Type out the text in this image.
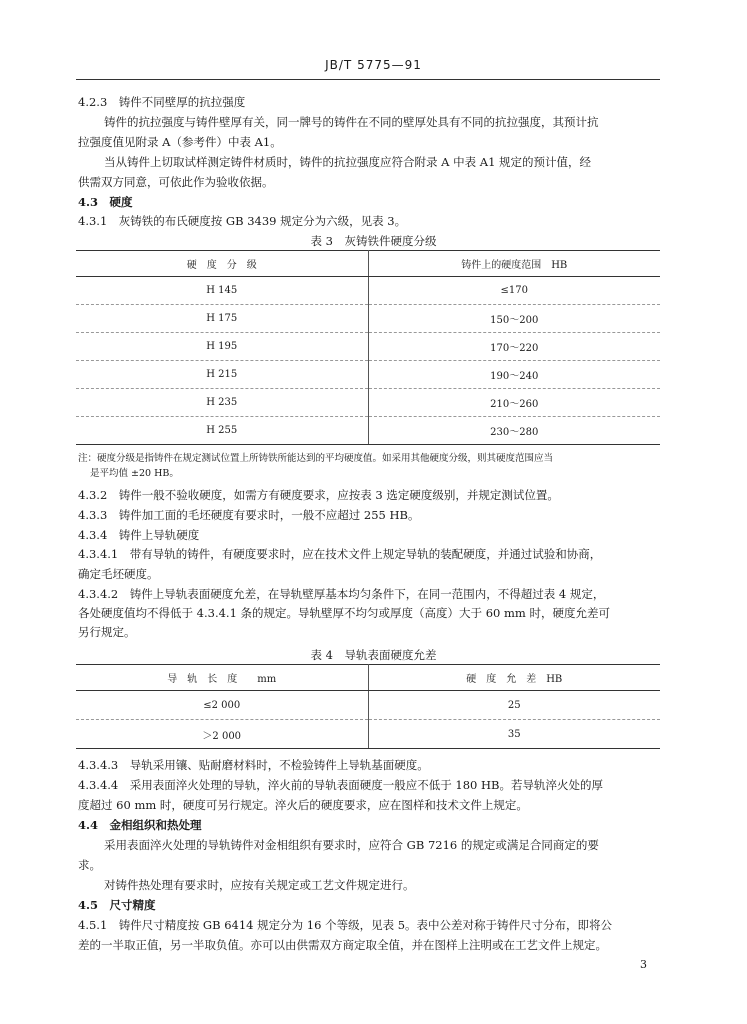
JB/T 5775—91
4.2.3　 铸件不同壁厚的抗拉强度
铸件的抗拉强度与铸件壁厚有关，同一牌号的铸件在不同的壁厚处具有不同的抗拉强度，其预计抗
拉强度值见附录 A（参考件）中表 A1。
当从铸件上切取试样测定铸件材质时，铸件的抗拉强度应符合附录 A 中表 A1 规定的预计值，经
供需双方同意，可依此作为验收依据。
4.3　 硬度
4.3.1　灰铸铁的布氏硬度按 GB 3439 规定分为六级，见表 3。
表 3　灰铸铁件硬度分级
硬　度　分　级	铸件上的硬度范围　HB
H 145	≤170
H 175	150～200
H 195	170～220
H 215	190～240
H 235	210～260
H 255	230～280
注：硬度分级是指铸件在规定测试位置上所铸铁所能达到的平均硬度值。如采用其他硬度分级，则其硬度范围应当
是平均值 ±20 HB。
4.3.2　铸件一般不验收硬度，如需方有硬度要求，应按表 3 选定硬度级别，并规定测试位置。
4.3.3　铸件加工面的毛坯硬度有要求时，一般不应超过 255 HB。
4.3.4　铸件上导轨硬度
4.3.4.1　带有导轨的铸件，有硬度要求时，应在技术文件上规定导轨的装配硬度，并通过试验和协商，
确定毛坯硬度。
4.3.4.2　铸件上导轨表面硬度允差，在导轨壁厚基本均匀条件下，在同一范围内，不得超过表 4 规定，
各处硬度值均不得低于 4.3.4.1 条的规定。导轨壁厚不均匀或厚度（高度）大于 60 mm 时，硬度允差可
另行规定。
表 4　导轨表面硬度允差
导　轨　长　度　　mm	硬　度　允　差　HB
≤2 000	25
＞2 000	35
4.3.4.3　导轨采用镶、贴耐磨材料时，不检验铸件上导轨基面硬度。
4.3.4.4　采用表面淬火处理的导轨，淬火前的导轨表面硬度一般应不低于 180 HB。若导轨淬火处的厚
度超过 60 mm 时，硬度可另行规定。淬火后的硬度要求，应在图样和技术文件上规定。
4.4　 金相组织和热处理
采用表面淬火处理的导轨铸件对金相组织有要求时，应符合 GB 7216 的规定或满足合同商定的要
求。
对铸件热处理有要求时，应按有关规定或工艺文件规定进行。
4.5　 尺寸精度
4.5.1　铸件尺寸精度按 GB 6414 规定分为 16 个等级，见表 5。表中公差对称于铸件尺寸分布，即将公
差的一半取正值，另一半取负值。亦可以由供需双方商定取全值，并在图样上注明或在工艺文件上规定。
3
